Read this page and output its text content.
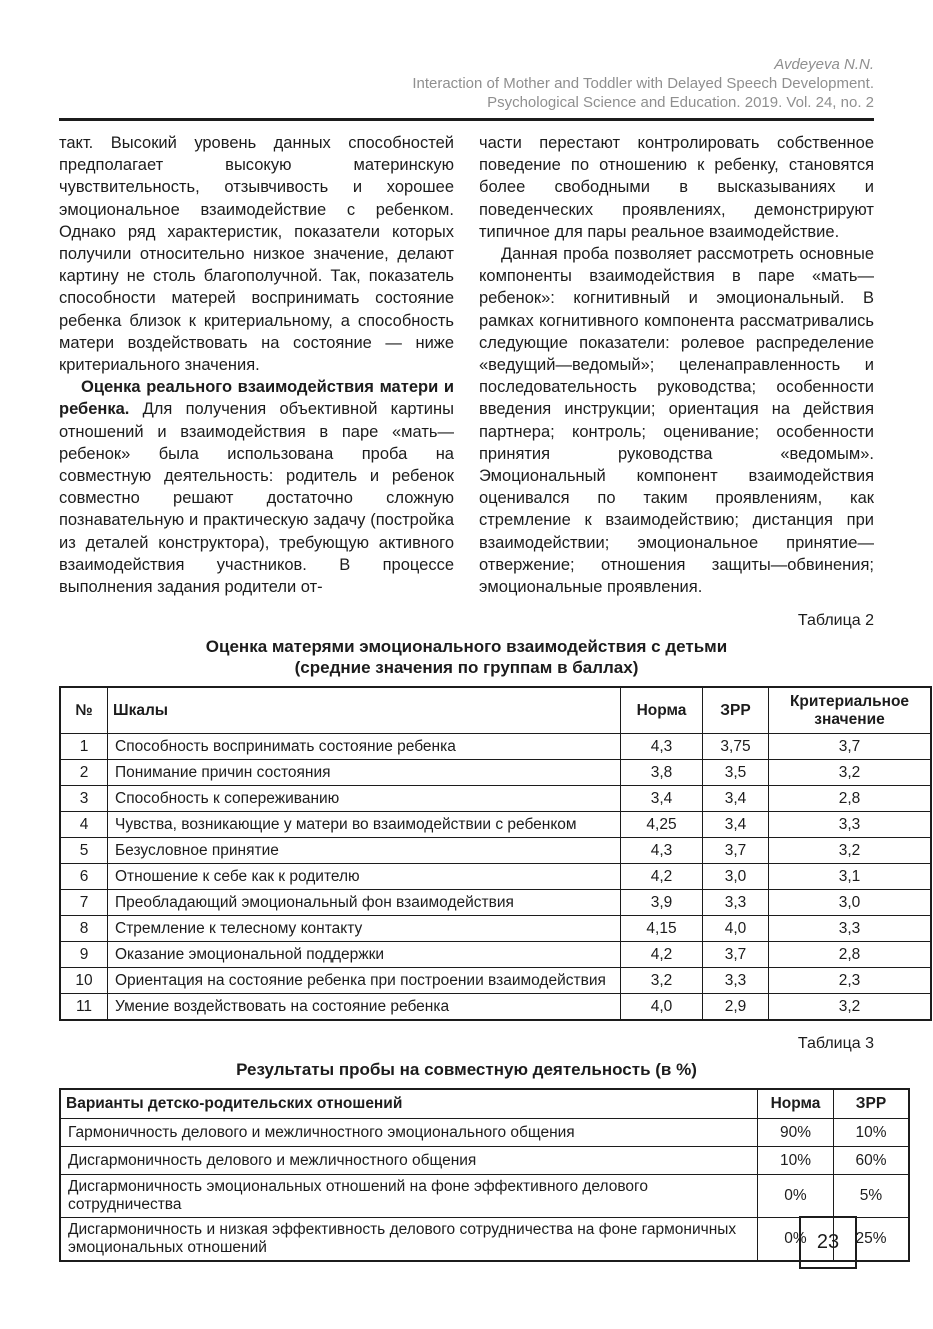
Avdeyeva N.N.
Interaction of Mother and Toddler with Delayed Speech Development.
Psychological Science and Education. 2019. Vol. 24, no. 2

такт. Высокий уровень данных способностей предполагает высокую материнскую чувствительность, отзывчивость и хорошее эмоциональное взаимодействие с ребенком. Однако ряд характеристик, показатели которых получили относительно низкое значение, делают картину не столь благополучной. Так, показатель способности матерей воспринимать состояние ребенка близок к критериальному, а способность матери воздействовать на состояние — ниже критериального значения.

Оценка реального взаимодействия матери и ребенка. Для получения объективной картины отношений и взаимодействия в паре «мать—ребенок» была использована проба на совместную деятельность: родитель и ребенок совместно решают достаточно сложную познавательную и практическую задачу (постройка из деталей конструктора), требующую активного взаимодействия участников. В процессе выполнения задания родители от-

части перестают контролировать собственное поведение по отношению к ребенку, становятся более свободными в высказываниях и поведенческих проявлениях, демонстрируют типичное для пары реальное взаимодействие.

Данная проба позволяет рассмотреть основные компоненты взаимодействия в паре «мать—ребенок»: когнитивный и эмоциональный. В рамках когнитивного компонента рассматривались следующие показатели: ролевое распределение «ведущий—ведомый»; целенаправленность и последовательность руководства; особенности введения инструкции; ориентация на действия партнера; контроль; оценивание; особенности принятия руководства «ведомым». Эмоциональный компонент взаимодействия оценивался по таким проявлениям, как стремление к взаимодействию; дистанция при взаимодействии; эмоциональное принятие—отвержение; отношения защиты—обвинения; эмоциональные проявления.

Таблица 2
Оценка матерями эмоционального взаимодействия с детьми
(средние значения по группам в баллах)
№	Шкалы	Норма	ЗРР	Критериальное значение
1	Способность воспринимать состояние ребенка	4,3	3,75	3,7
2	Понимание причин состояния	3,8	3,5	3,2
3	Способность к сопереживанию	3,4	3,4	2,8
4	Чувства, возникающие у матери во взаимодействии с ребенком	4,25	3,4	3,3
5	Безусловное принятие	4,3	3,7	3,2
6	Отношение к себе как к родителю	4,2	3,0	3,1
7	Преобладающий эмоциональный фон взаимодействия	3,9	3,3	3,0
8	Стремление к телесному контакту	4,15	4,0	3,3
9	Оказание эмоциональной поддержки	4,2	3,7	2,8
10	Ориентация на состояние ребенка при построении взаимодействия	3,2	3,3	2,3
11	Умение воздействовать на состояние ребенка	4,0	2,9	3,2
Таблица 3
Результаты пробы на совместную деятельность (в %)
Варианты детско-родительских отношений	Норма	ЗРР
Гармоничность делового и межличностного эмоционального общения	90%	10%
Дисгармоничность делового и межличностного общения	10%	60%
Дисгармоничность эмоциональных отношений на фоне эффективного делового сотрудничества	0%	5%
Дисгармоничность и низкая эффективность делового сотрудничества на фоне гармоничных эмоциональных отношений	0%	25%
23
